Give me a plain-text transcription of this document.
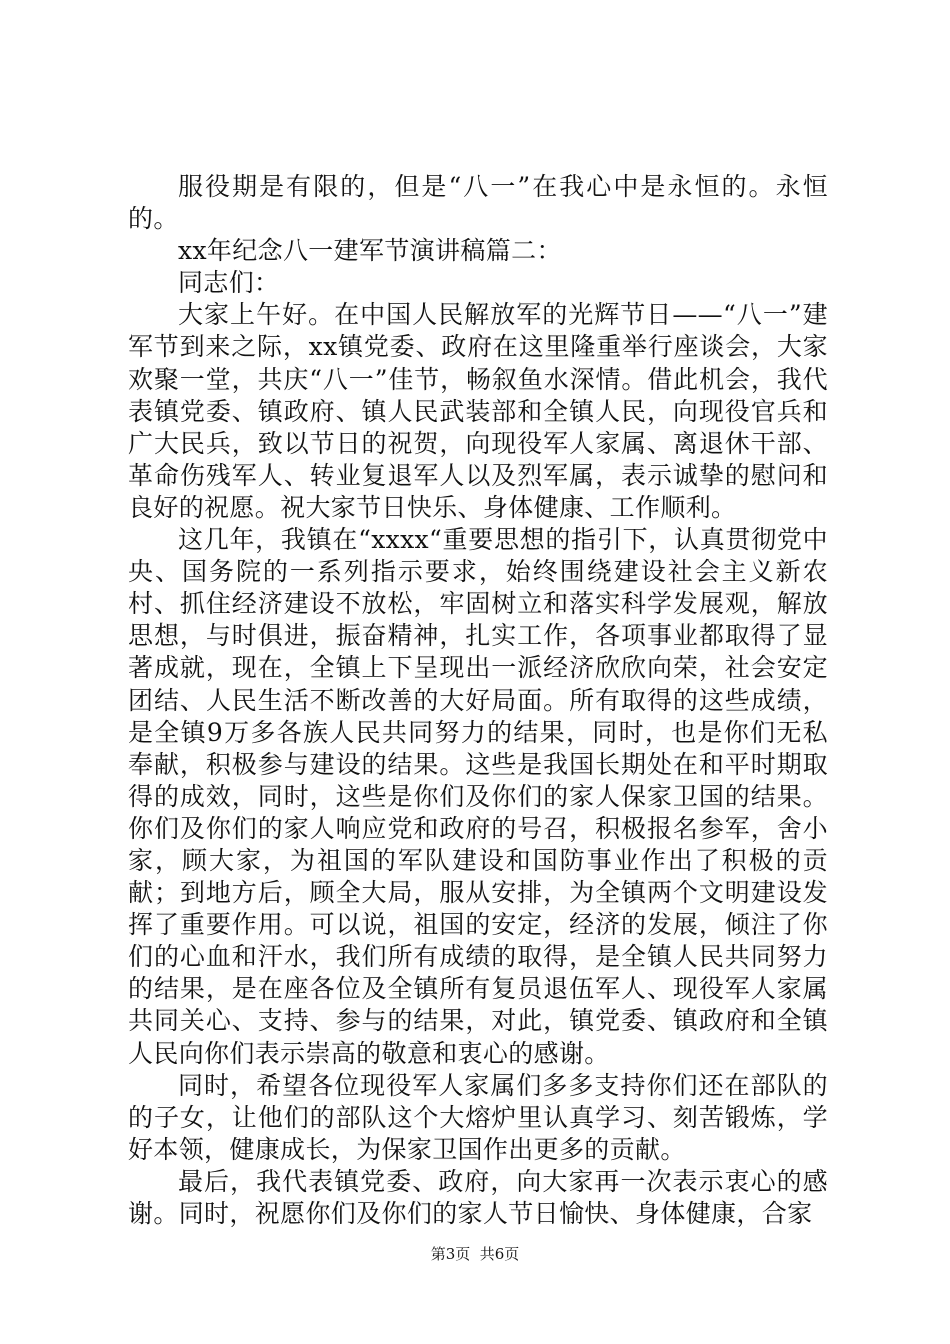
服役期是有限的，但是“八一”在我心中是永恒的。永恒的。

xx年纪念八一建军节演讲稿篇二：

同志们：

大家上午好。在中国人民解放军的光辉节日——“八一”建军节到来之际，xx镇党委、政府在这里隆重举行座谈会，大家欢聚一堂，共庆“八一”佳节，畅叙鱼水深情。借此机会，我代表镇党委、镇政府、镇人民武装部和全镇人民，向现役官兵和广大民兵，致以节日的祝贺，向现役军人家属、离退休干部、革命伤残军人、转业复退军人以及烈军属，表示诚挚的慰问和良好的祝愿。祝大家节日快乐、身体健康、工作顺利。

这几年，我镇在“xxxx“重要思想的指引下，认真贯彻党中央、国务院的一系列指示要求，始终围绕建设社会主义新农村、抓住经济建设不放松，牢固树立和落实科学发展观，解放思想，与时俱进，振奋精神，扎实工作，各项事业都取得了显著成就，现在，全镇上下呈现出一派经济欣欣向荣，社会安定团结、人民生活不断改善的大好局面。所有取得的这些成绩，是全镇9万多各族人民共同努力的结果，同时，也是你们无私奉献，积极参与建设的结果。这些是我国长期处在和平时期取得的成效，同时，这些是你们及你们的家人保家卫国的结果。你们及你们的家人响应党和政府的号召，积极报名参军，舍小家，顾大家，为祖国的军队建设和国防事业作出了积极的贡献；到地方后，顾全大局，服从安排，为全镇两个文明建设发挥了重要作用。可以说，祖国的安定，经济的发展，倾注了你们的心血和汗水，我们所有成绩的取得，是全镇人民共同努力的结果，是在座各位及全镇所有复员退伍军人、现役军人家属共同关心、支持、参与的结果，对此，镇党委、镇政府和全镇人民向你们表示崇高的敬意和衷心的感谢。

同时，希望各位现役军人家属们多多支持你们还在部队的的子女，让他们的部队这个大熔炉里认真学习、刻苦锻炼，学好本领，健康成长，为保家卫国作出更多的贡献。

最后，我代表镇党委、政府，向大家再一次表示衷心的感谢。同时，祝愿你们及你们的家人节日愉快、身体健康，合家

第3页  共6页
